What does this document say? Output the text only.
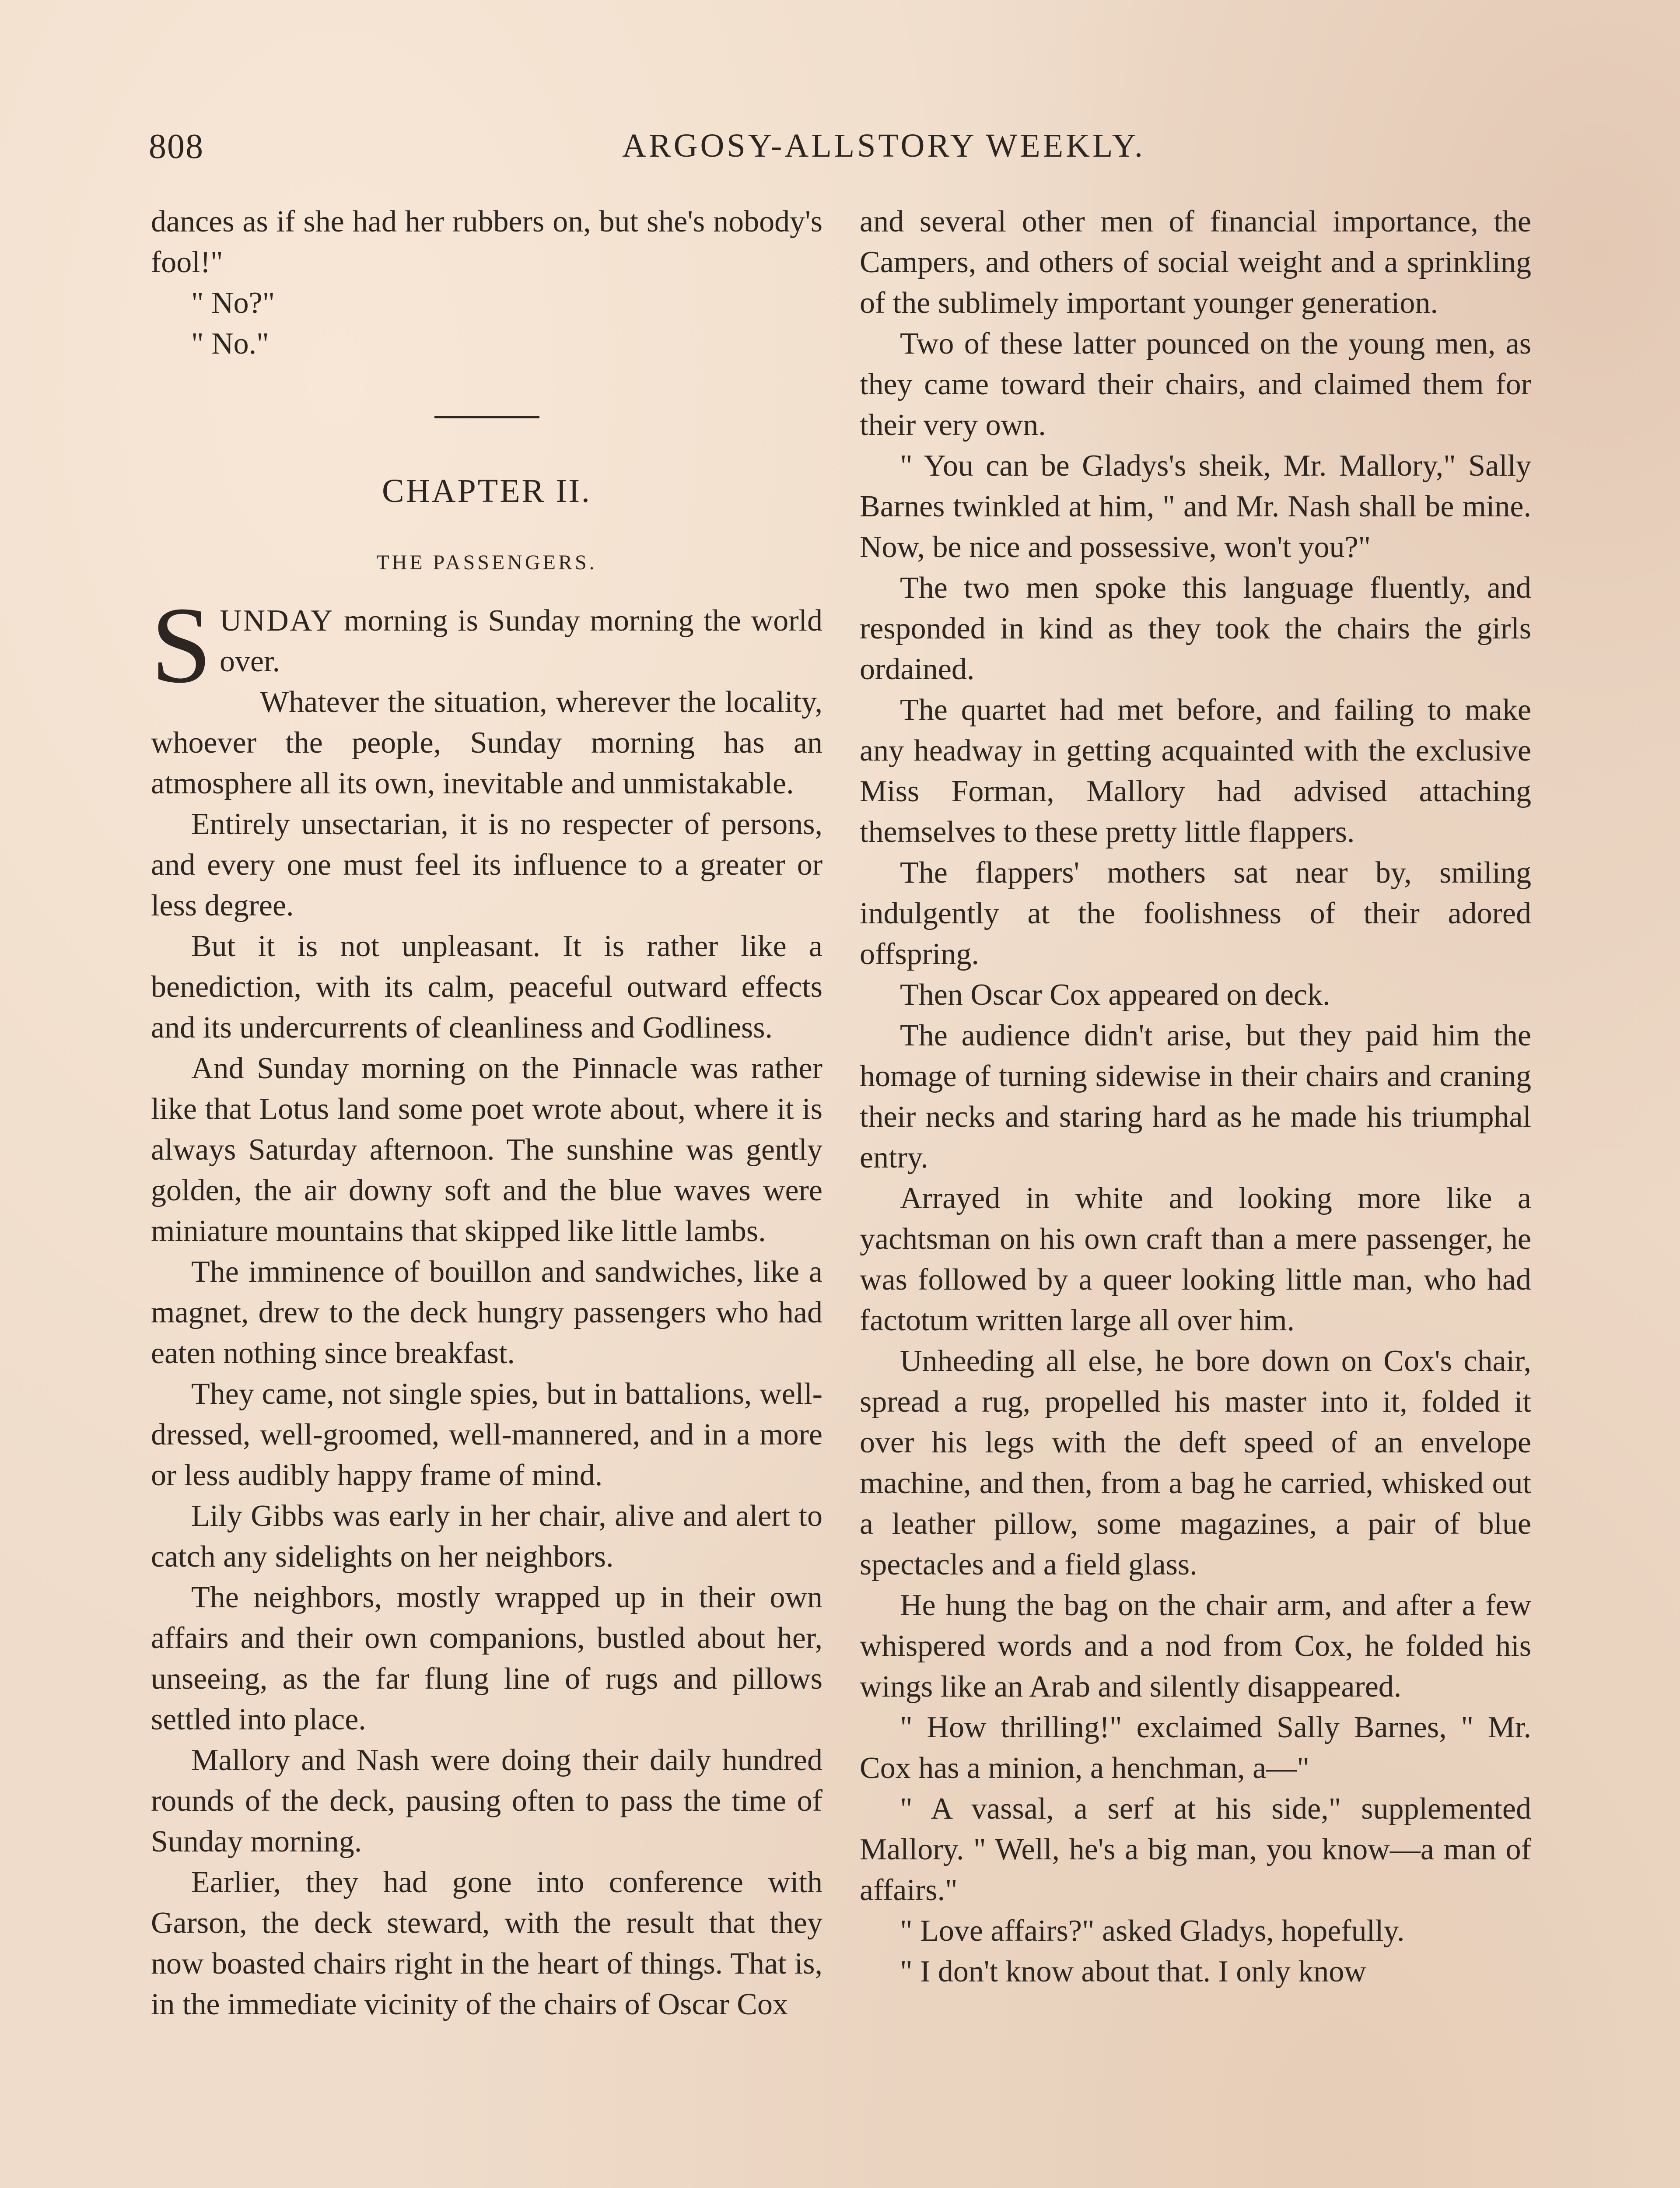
808	ARGOSY-ALLSTORY WEEKLY.

dances as if she had her rubbers on, but she's nobody's fool!"

" No?"

" No."

CHAPTER II.
THE PASSENGERS.

SUNDAY morning is Sunday morning the world over.

Whatever the situation, wherever the locality, whoever the people, Sunday morning has an atmosphere all its own, inevitable and unmistakable.

Entirely unsectarian, it is no respecter of persons, and every one must feel its influence to a greater or less degree.

But it is not unpleasant. It is rather like a benediction, with its calm, peaceful outward effects and its undercurrents of cleanliness and Godliness.

And Sunday morning on the Pinnacle was rather like that Lotus land some poet wrote about, where it is always Saturday afternoon. The sunshine was gently golden, the air downy soft and the blue waves were miniature mountains that skipped like little lambs.

The imminence of bouillon and sandwiches, like a magnet, drew to the deck hungry passengers who had eaten nothing since breakfast.

They came, not single spies, but in battalions, well-dressed, well-groomed, well-mannered, and in a more or less audibly happy frame of mind.

Lily Gibbs was early in her chair, alive and alert to catch any sidelights on her neighbors.

The neighbors, mostly wrapped up in their own affairs and their own companions, bustled about her, unseeing, as the far flung line of rugs and pillows settled into place.

Mallory and Nash were doing their daily hundred rounds of the deck, pausing often to pass the time of Sunday morning.

Earlier, they had gone into conference with Garson, the deck steward, with the result that they now boasted chairs right in the heart of things. That is, in the immediate vicinity of the chairs of Oscar Cox

and several other men of financial importance, the Campers, and others of social weight and a sprinkling of the sublimely important younger generation.

Two of these latter pounced on the young men, as they came toward their chairs, and claimed them for their very own.

" You can be Gladys's sheik, Mr. Mallory," Sally Barnes twinkled at him, " and Mr. Nash shall be mine. Now, be nice and possessive, won't you?"

The two men spoke this language fluently, and responded in kind as they took the chairs the girls ordained.

The quartet had met before, and failing to make any headway in getting acquainted with the exclusive Miss Forman, Mallory had advised attaching themselves to these pretty little flappers.

The flappers' mothers sat near by, smiling indulgently at the foolishness of their adored offspring.

Then Oscar Cox appeared on deck.

The audience didn't arise, but they paid him the homage of turning sidewise in their chairs and craning their necks and staring hard as he made his triumphal entry.

Arrayed in white and looking more like a yachtsman on his own craft than a mere passenger, he was followed by a queer looking little man, who had factotum written large all over him.

Unheeding all else, he bore down on Cox's chair, spread a rug, propelled his master into it, folded it over his legs with the deft speed of an envelope machine, and then, from a bag he carried, whisked out a leather pillow, some magazines, a pair of blue spectacles and a field glass.

He hung the bag on the chair arm, and after a few whispered words and a nod from Cox, he folded his wings like an Arab and silently disappeared.

" How thrilling!" exclaimed Sally Barnes, " Mr. Cox has a minion, a henchman, a—"

" A vassal, a serf at his side," supplemented Mallory. " Well, he's a big man, you know—a man of affairs."

" Love affairs?" asked Gladys, hopefully.

" I don't know about that. I only know
